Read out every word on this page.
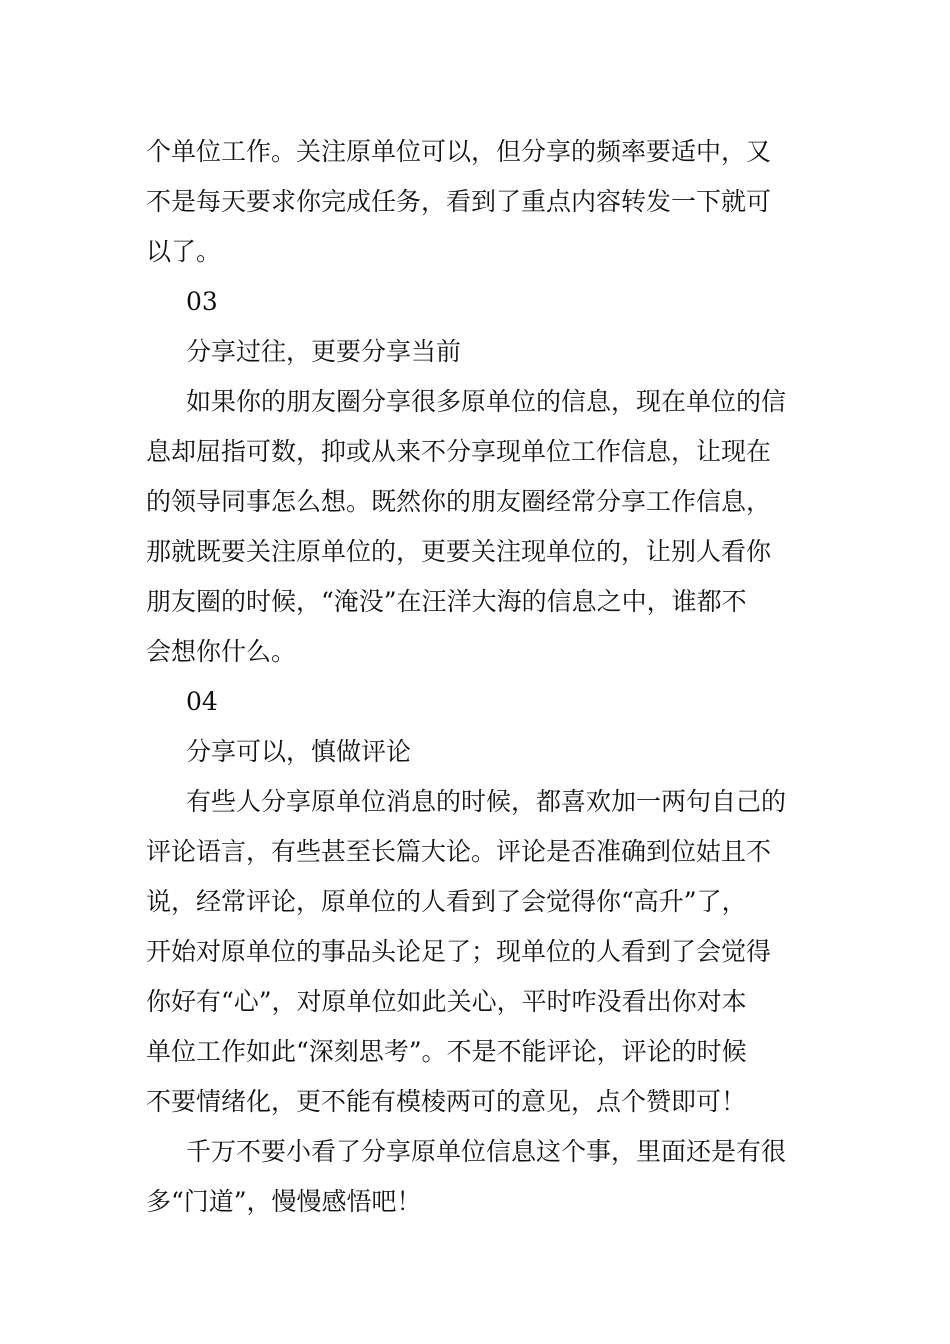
个单位工作。关注原单位可以，但分享的频率要适中，又
不是每天要求你完成任务，看到了重点内容转发一下就可
以了。
03
分享过往，更要分享当前
如果你的朋友圈分享很多原单位的信息，现在单位的信
息却屈指可数，抑或从来不分享现单位工作信息，让现在
的领导同事怎么想。既然你的朋友圈经常分享工作信息，
那就既要关注原单位的，更要关注现单位的，让别人看你
朋友圈的时候，“淹没”在汪洋大海的信息之中，谁都不
会想你什么。
04
分享可以，慎做评论
有些人分享原单位消息的时候，都喜欢加一两句自己的
评论语言，有些甚至长篇大论。评论是否准确到位姑且不
说，经常评论，原单位的人看到了会觉得你“高升”了，
开始对原单位的事品头论足了；现单位的人看到了会觉得
你好有“心”，对原单位如此关心，平时咋没看出你对本
单位工作如此“深刻思考”。不是不能评论，评论的时候
不要情绪化，更不能有模棱两可的意见，点个赞即可！
千万不要小看了分享原单位信息这个事，里面还是有很
多“门道”，慢慢感悟吧！
